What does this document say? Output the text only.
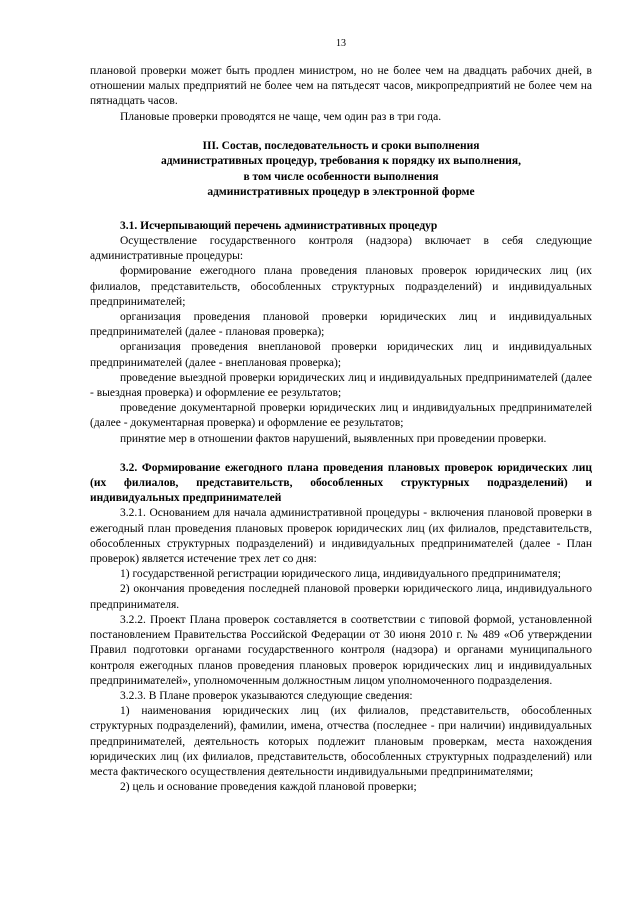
13

плановой проверки может быть продлен министром, но не более чем на двадцать рабочих дней, в отношении малых предприятий не более чем на пятьдесят часов, микропредприятий не более чем на пятнадцать часов.

Плановые проверки проводятся не чаще, чем один раз в три года.

III. Состав, последовательность и сроки выполнения
административных процедур, требования к порядку их выполнения,
в том числе особенности выполнения
административных процедур в электронной форме

3.1. Исчерпывающий перечень административных процедур

Осуществление государственного контроля (надзора) включает в себя следующие административные процедуры:

формирование ежегодного плана проведения плановых проверок юридических лиц (их филиалов, представительств, обособленных структурных подразделений) и индивидуальных предпринимателей;

организация проведения плановой проверки юридических лиц и индивидуальных предпринимателей (далее - плановая проверка);

организация проведения внеплановой проверки юридических лиц и индивидуальных предпринимателей (далее - внеплановая проверка);

проведение выездной проверки юридических лиц и индивидуальных предпринимателей (далее - выездная проверка) и оформление ее результатов;

проведение документарной проверки юридических лиц и индивидуальных предпринимателей (далее - документарная проверка) и оформление ее результатов;

принятие мер в отношении фактов нарушений, выявленных при проведении проверки.

3.2. Формирование ежегодного плана проведения плановых проверок юридических лиц (их филиалов, представительств, обособленных структурных подразделений) и индивидуальных предпринимателей

3.2.1. Основанием для начала административной процедуры - включения плановой проверки в ежегодный план проведения плановых проверок юридических лиц (их филиалов, представительств, обособленных структурных подразделений) и индивидуальных предпринимателей (далее - План проверок) является истечение трех лет со дня:

1) государственной регистрации юридического лица, индивидуального предпринимателя;

2) окончания проведения последней плановой проверки юридического лица, индивидуального предпринимателя.

3.2.2. Проект Плана проверок составляется в соответствии с типовой формой, установленной постановлением Правительства Российской Федерации от 30 июня 2010 г. № 489 «Об утверждении Правил подготовки органами государственного контроля (надзора) и органами муниципального контроля ежегодных планов проведения плановых проверок юридических лиц и индивидуальных предпринимателей», уполномоченным должностным лицом уполномоченного подразделения.

3.2.3. В Плане проверок указываются следующие сведения:

1) наименования юридических лиц (их филиалов, представительств, обособленных структурных подразделений), фамилии, имена, отчества (последнее - при наличии) индивидуальных предпринимателей, деятельность которых подлежит плановым проверкам, места нахождения юридических лиц (их филиалов, представительств, обособленных структурных подразделений) или места фактического осуществления деятельности индивидуальными предпринимателями;

2) цель и основание проведения каждой плановой проверки;
